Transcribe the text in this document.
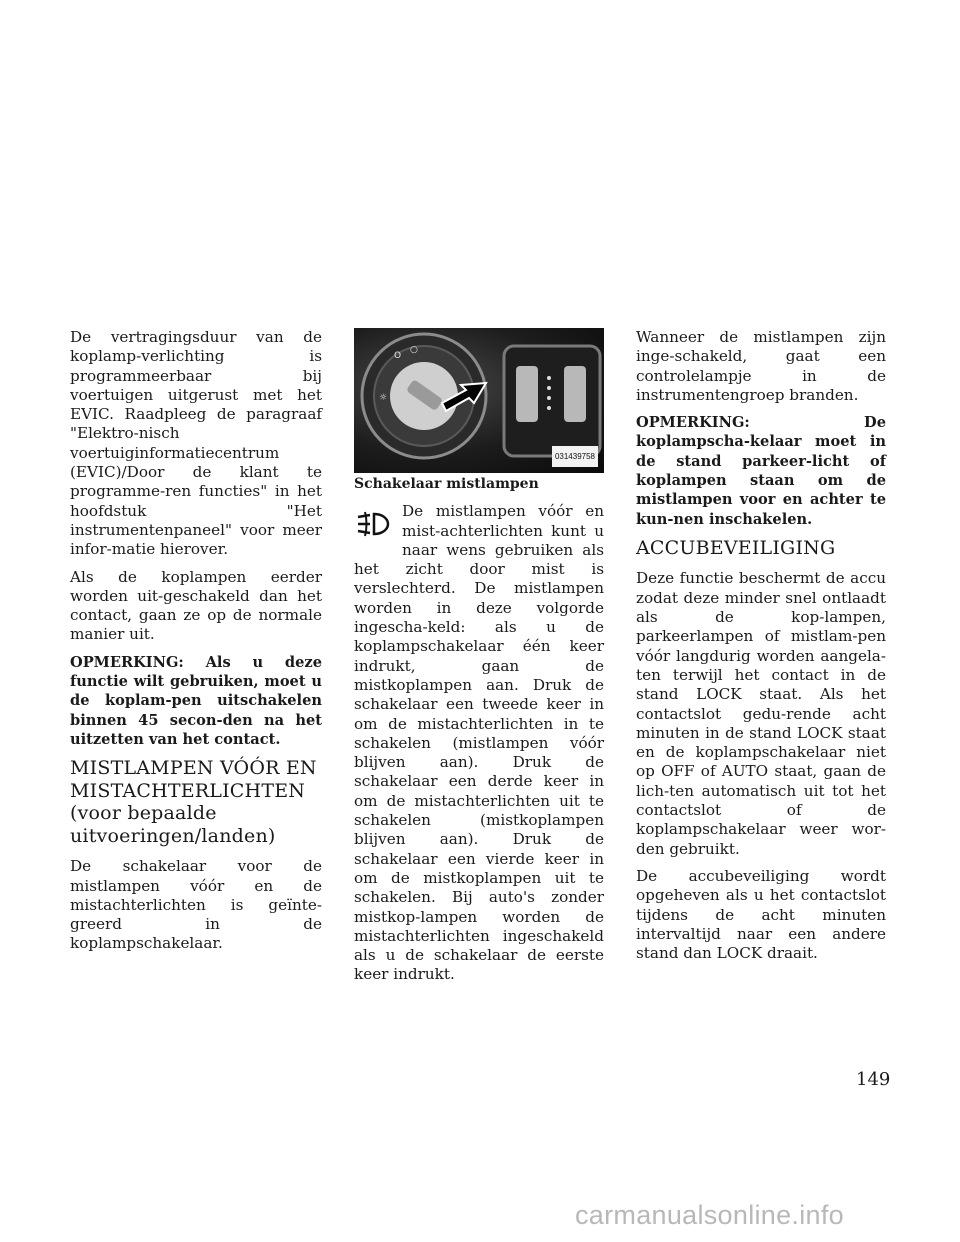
De vertragingsduur van de koplamp-verlichting is programmeerbaar bij voertuigen uitgerust met het EVIC. Raadpleeg de paragraaf "Elektro-nisch voertuiginformatiecentrum (EVIC)/Door de klant te programme-ren functies" in het hoofdstuk "Het instrumentenpaneel" voor meer infor-matie hierover.

Als de koplampen eerder worden uit-geschakeld dan het contact, gaan ze op de normale manier uit.

OPMERKING: Als u deze functie wilt gebruiken, moet u de koplam-pen uitschakelen binnen 45 secon-den na het uitzetten van het contact.

MISTLAMPEN VÓÓR EN
MISTACHTERLICHTEN
(voor bepaalde
uitvoeringen/landen)

De schakelaar voor de mistlampen vóór en de mistachterlichten is geïnte-greerd in de koplampschakelaar.

O
○
☼
031439758

Schakelaar mistlampen

De mistlampen vóór en mist-achterlichten kunt u naar wens gebruiken als het zicht door mist is verslechterd. De mistlampen worden in deze volgorde ingescha-keld: als u de koplampschakelaar één keer indrukt, gaan de mistkoplampen aan. Druk de schakelaar een tweede keer in om de mistachterlichten in te schakelen (mistlampen vóór blijven aan). Druk de schakelaar een derde keer in om de mistachterlichten uit te schakelen (mistkoplampen blijven aan). Druk de schakelaar een vierde keer in om de mistkoplampen uit te schakelen. Bij auto's zonder mistkop-lampen worden de mistachterlichten ingeschakeld als u de schakelaar de eerste keer indrukt.

Wanneer de mistlampen zijn inge-schakeld, gaat een controlelampje in de instrumentengroep branden.

OPMERKING: De koplampscha-kelaar moet in de stand parkeer-licht of koplampen staan om de mistlampen voor en achter te kun-nen inschakelen.

ACCUBEVEILIGING

Deze functie beschermt de accu zodat deze minder snel ontlaadt als de kop-lampen, parkeerlampen of mistlam-pen vóór langdurig worden aangela-ten terwijl het contact in de stand LOCK staat. Als het contactslot gedu-rende acht minuten in de stand LOCK staat en de koplampschakelaar niet op OFF of AUTO staat, gaan de lich-ten automatisch uit tot het contactslot of de koplampschakelaar weer wor-den gebruikt.

De accubeveiliging wordt opgeheven als u het contactslot tijdens de acht minuten intervaltijd naar een andere stand dan LOCK draait.

149
carmanualsonline.info
